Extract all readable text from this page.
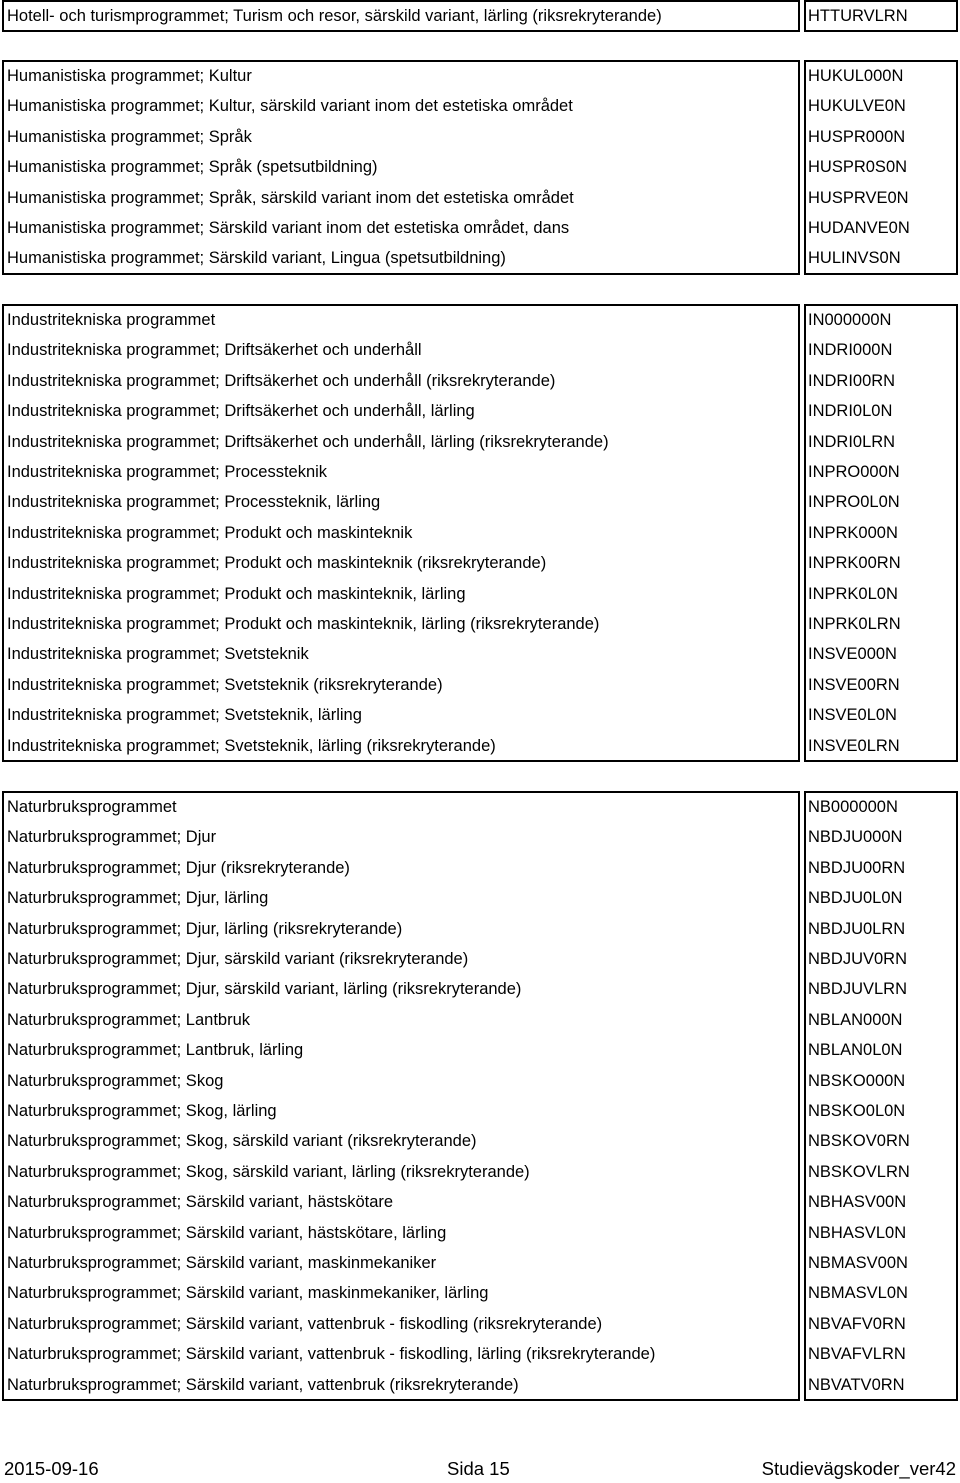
Hotell- och turismprogrammet; Turism och resor, särskild variant, lärling (riksrekryterande)	HTTURVLRN
Humanistiska programmet; Kultur	HUKUL000N
Humanistiska programmet; Kultur, särskild variant inom det estetiska området	HUKULVE0N
Humanistiska programmet; Språk	HUSPR000N
Humanistiska programmet; Språk (spetsutbildning)	HUSPR0S0N
Humanistiska programmet; Språk, särskild variant inom det estetiska området	HUSPRVE0N
Humanistiska programmet; Särskild variant inom det estetiska området, dans	HUDANVE0N
Humanistiska programmet; Särskild variant, Lingua (spetsutbildning)	HULINVS0N
Industritekniska programmet	IN000000N
Industritekniska programmet; Driftsäkerhet och underhåll	INDRI000N
Industritekniska programmet; Driftsäkerhet och underhåll (riksrekryterande)	INDRI00RN
Industritekniska programmet; Driftsäkerhet och underhåll, lärling	INDRI0L0N
Industritekniska programmet; Driftsäkerhet och underhåll, lärling (riksrekryterande)	INDRI0LRN
Industritekniska programmet; Processteknik	INPRO000N
Industritekniska programmet; Processteknik, lärling	INPRO0L0N
Industritekniska programmet; Produkt och maskinteknik	INPRK000N
Industritekniska programmet; Produkt och maskinteknik (riksrekryterande)	INPRK00RN
Industritekniska programmet; Produkt och maskinteknik, lärling	INPRK0L0N
Industritekniska programmet; Produkt och maskinteknik, lärling (riksrekryterande)	INPRK0LRN
Industritekniska programmet; Svetsteknik	INSVE000N
Industritekniska programmet; Svetsteknik (riksrekryterande)	INSVE00RN
Industritekniska programmet; Svetsteknik, lärling	INSVE0L0N
Industritekniska programmet; Svetsteknik, lärling (riksrekryterande)	INSVE0LRN
Naturbruksprogrammet	NB000000N
Naturbruksprogrammet; Djur	NBDJU000N
Naturbruksprogrammet; Djur (riksrekryterande)	NBDJU00RN
Naturbruksprogrammet; Djur, lärling	NBDJU0L0N
Naturbruksprogrammet; Djur, lärling (riksrekryterande)	NBDJU0LRN
Naturbruksprogrammet; Djur, särskild variant (riksrekryterande)	NBDJUV0RN
Naturbruksprogrammet; Djur, särskild variant, lärling (riksrekryterande)	NBDJUVLRN
Naturbruksprogrammet; Lantbruk	NBLAN000N
Naturbruksprogrammet; Lantbruk, lärling	NBLAN0L0N
Naturbruksprogrammet; Skog	NBSKO000N
Naturbruksprogrammet; Skog, lärling	NBSKO0L0N
Naturbruksprogrammet; Skog, särskild variant (riksrekryterande)	NBSKOV0RN
Naturbruksprogrammet; Skog, särskild variant, lärling (riksrekryterande)	NBSKOVLRN
Naturbruksprogrammet; Särskild variant, hästskötare	NBHASV00N
Naturbruksprogrammet; Särskild variant, hästskötare, lärling	NBHASVL0N
Naturbruksprogrammet; Särskild variant, maskinmekaniker	NBMASV00N
Naturbruksprogrammet; Särskild variant, maskinmekaniker, lärling	NBMASVL0N
Naturbruksprogrammet; Särskild variant, vattenbruk - fiskodling (riksrekryterande)	NBVAFV0RN
Naturbruksprogrammet; Särskild variant, vattenbruk - fiskodling, lärling (riksrekryterande)	NBVAFVLRN
Naturbruksprogrammet; Särskild variant, vattenbruk (riksrekryterande)	NBVATV0RN
2015-09-16	Sida 15	Studievägskoder_ver42
